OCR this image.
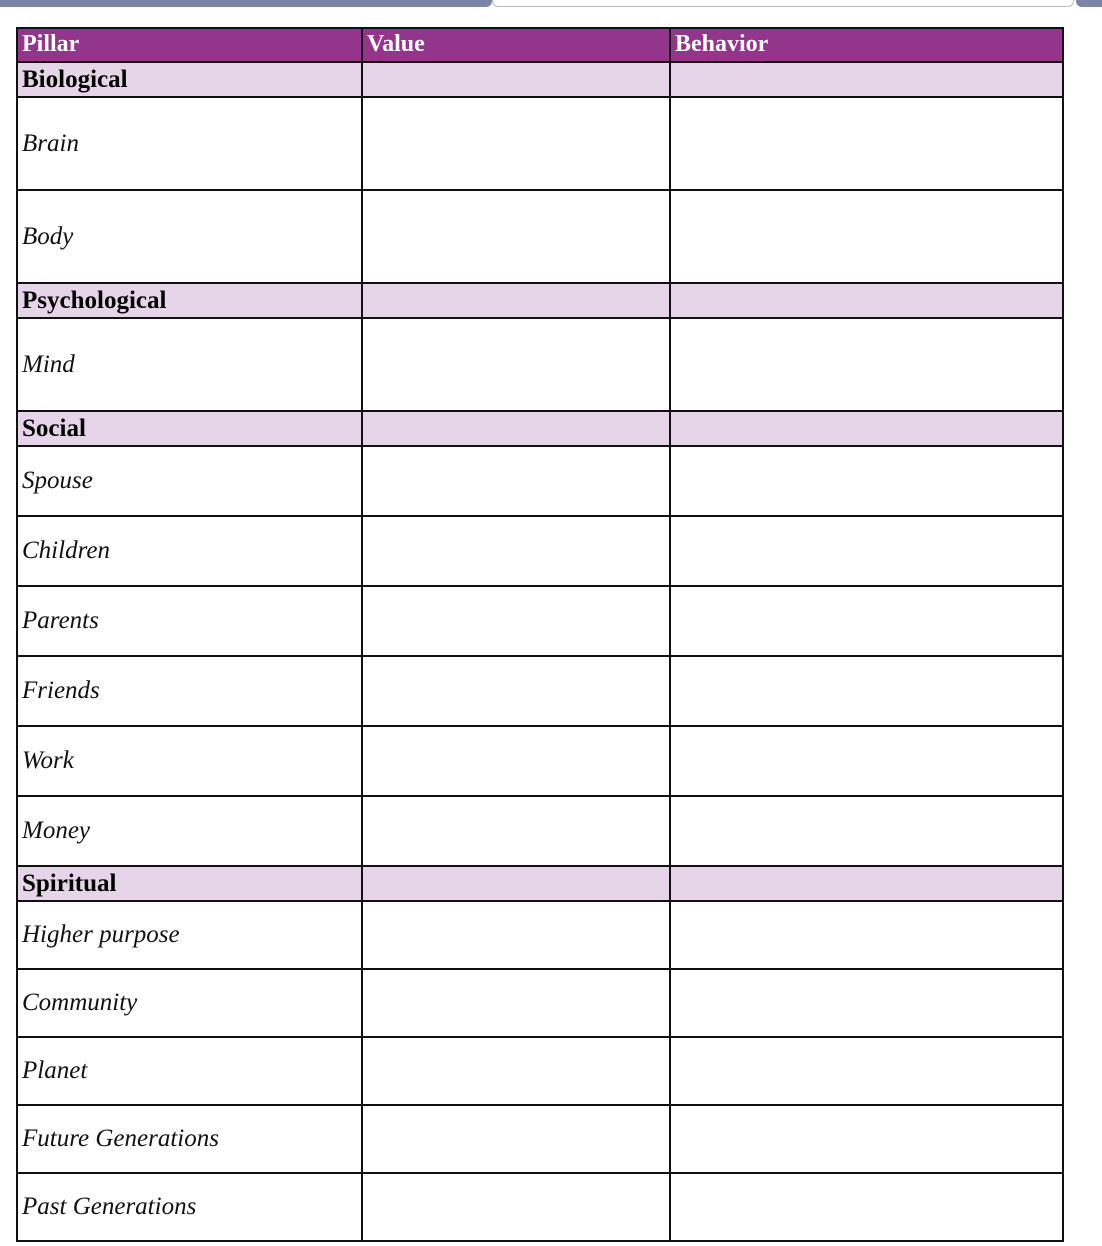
Pillar	Value	Behavior
Biological		
Brain		
Body		
Psychological		
Mind		
Social		
Spouse		
Children		
Parents		
Friends		
Work		
Money		
Spiritual		
Higher purpose		
Community		
Planet		
Future Generations		
Past Generations		
